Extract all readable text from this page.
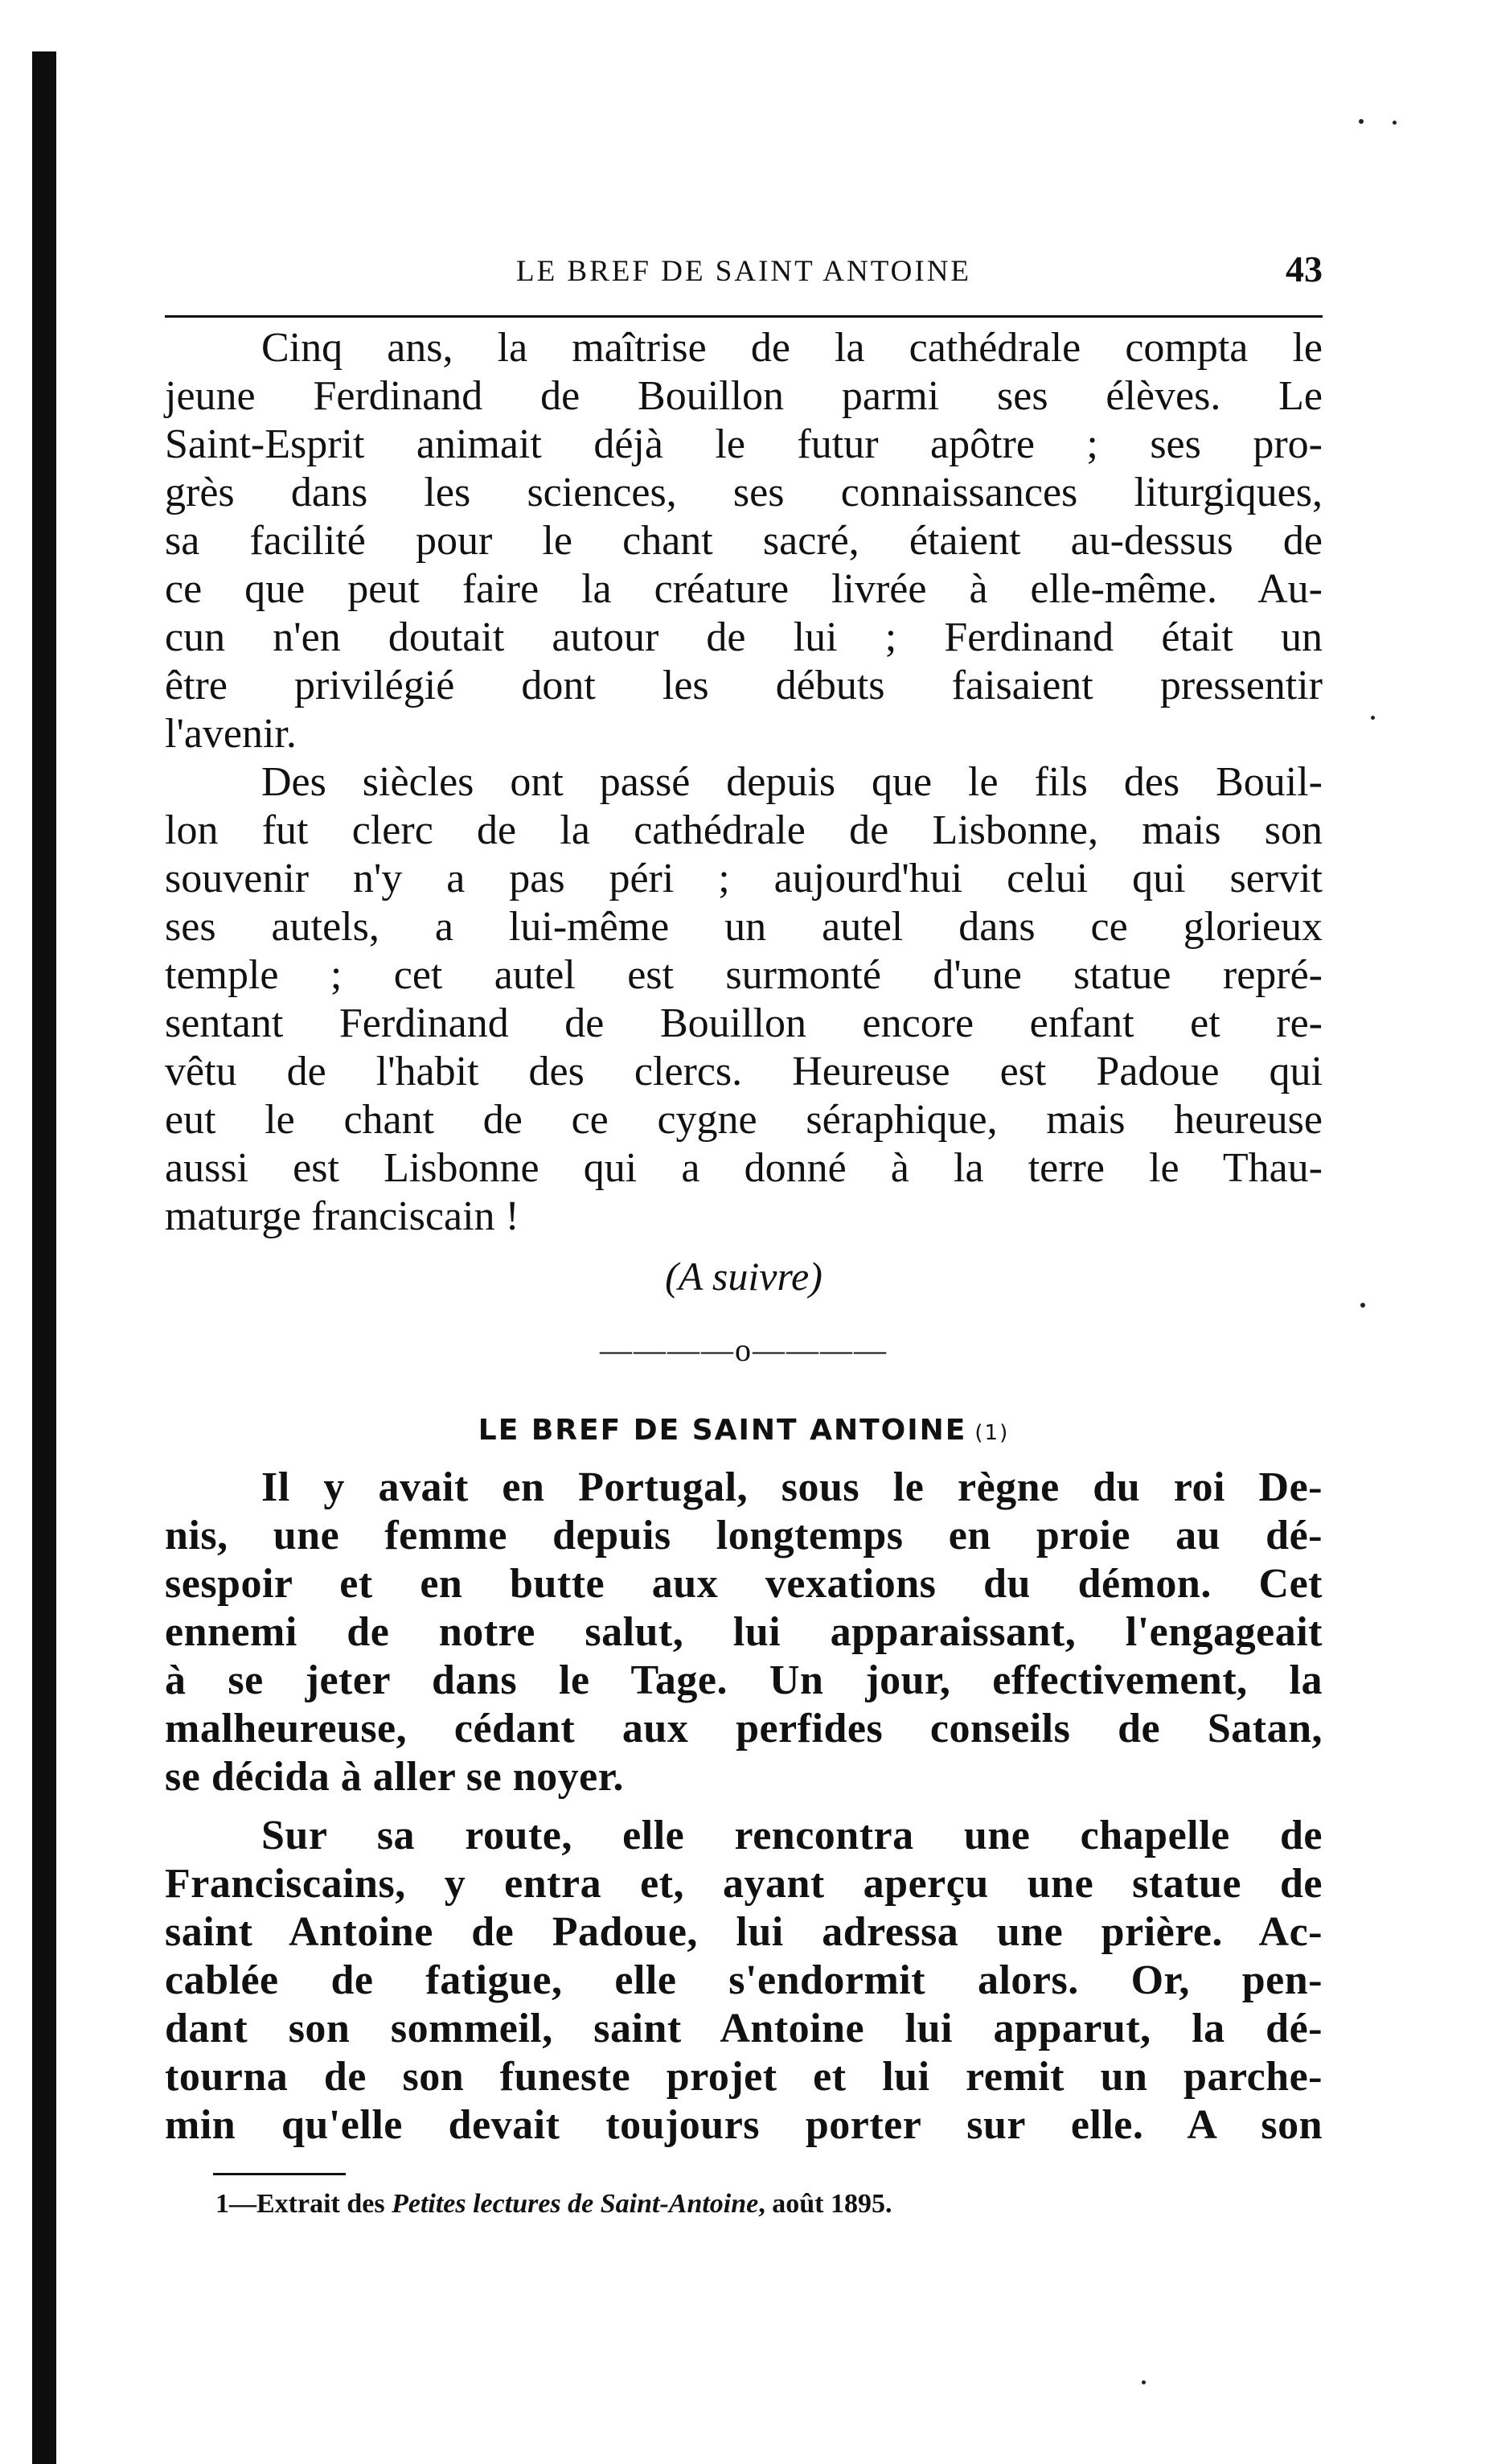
LE BREF DE SAINT ANTOINE	43

Cinq ans, la maîtrise de la cathédrale compta le

jeune Ferdinand de Bouillon parmi ses élèves. Le

Saint-Esprit animait déjà le futur apôtre ; ses pro-

grès dans les sciences, ses connaissances liturgiques,

sa facilité pour le chant sacré, étaient au-dessus de

ce que peut faire la créature livrée à elle-même. Au-

cun n'en doutait autour de lui ; Ferdinand était un

être privilégié dont les débuts faisaient pressentir

l'avenir.

Des siècles ont passé depuis que le fils des Bouil-

lon fut clerc de la cathédrale de Lisbonne, mais son

souvenir n'y a pas péri ; aujourd'hui celui qui servit

ses autels, a lui-même un autel dans ce glorieux

temple ; cet autel est surmonté d'une statue repré-

sentant Ferdinand de Bouillon encore enfant et re-

vêtu de l'habit des clercs. Heureuse est Padoue qui

eut le chant de ce cygne séraphique, mais heureuse

aussi est Lisbonne qui a donné à la terre le Thau-

maturge franciscain !

(A suivre)
————o————
LE BREF DE SAINT ANTOINE (1)

Il y avait en Portugal, sous le règne du roi De-

nis, une femme depuis longtemps en proie au dé-

sespoir et en butte aux vexations du démon. Cet

ennemi de notre salut, lui apparaissant, l'engageait

à se jeter dans le Tage. Un jour, effectivement, la

malheureuse, cédant aux perfides conseils de Satan,

se décida à aller se noyer.

Sur sa route, elle rencontra une chapelle de

Franciscains, y entra et, ayant aperçu une statue de

saint Antoine de Padoue, lui adressa une prière. Ac-

cablée de fatigue, elle s'endormit alors. Or, pen-

dant son sommeil, saint Antoine lui apparut, la dé-

tourna de son funeste projet et lui remit un parche-

min qu'elle devait toujours porter sur elle. A son

1—Extrait des Petites lectures de Saint-Antoine, août 1895.
